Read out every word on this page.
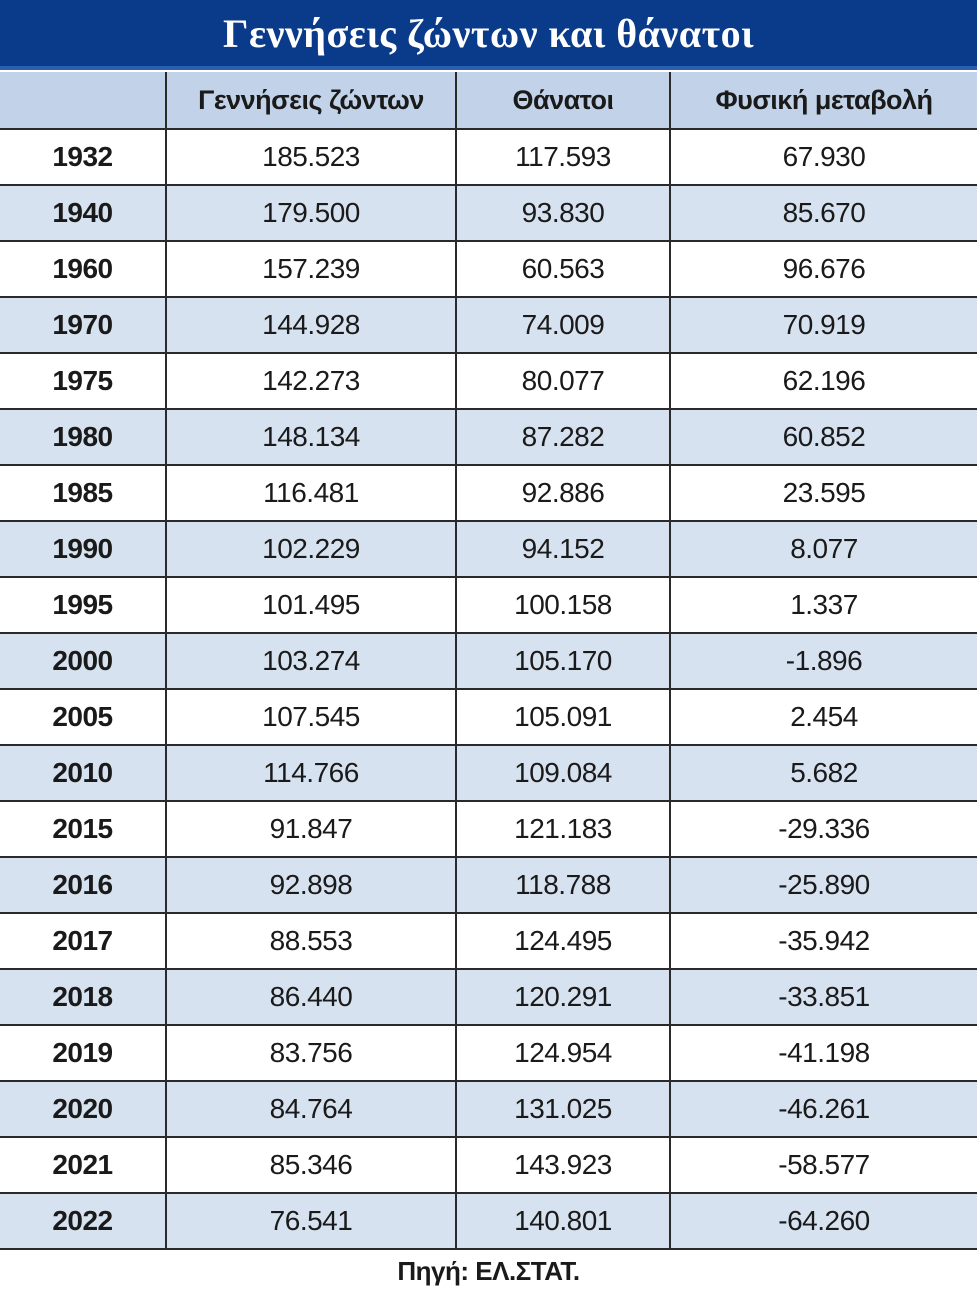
Γεννήσεις ζώντων και θάνατοι
	Γεννήσεις ζώντων	Θάνατοι	Φυσική μεταβολή
1932	185.523	117.593	67.930
1940	179.500	93.830	85.670
1960	157.239	60.563	96.676
1970	144.928	74.009	70.919
1975	142.273	80.077	62.196
1980	148.134	87.282	60.852
1985	116.481	92.886	23.595
1990	102.229	94.152	8.077
1995	101.495	100.158	1.337
2000	103.274	105.170	-1.896
2005	107.545	105.091	2.454
2010	114.766	109.084	5.682
2015	91.847	121.183	-29.336
2016	92.898	118.788	-25.890
2017	88.553	124.495	-35.942
2018	86.440	120.291	-33.851
2019	83.756	124.954	-41.198
2020	84.764	131.025	-46.261
2021	85.346	143.923	-58.577
2022	76.541	140.801	-64.260
Πηγή: ΕΛ.ΣΤΑΤ.
